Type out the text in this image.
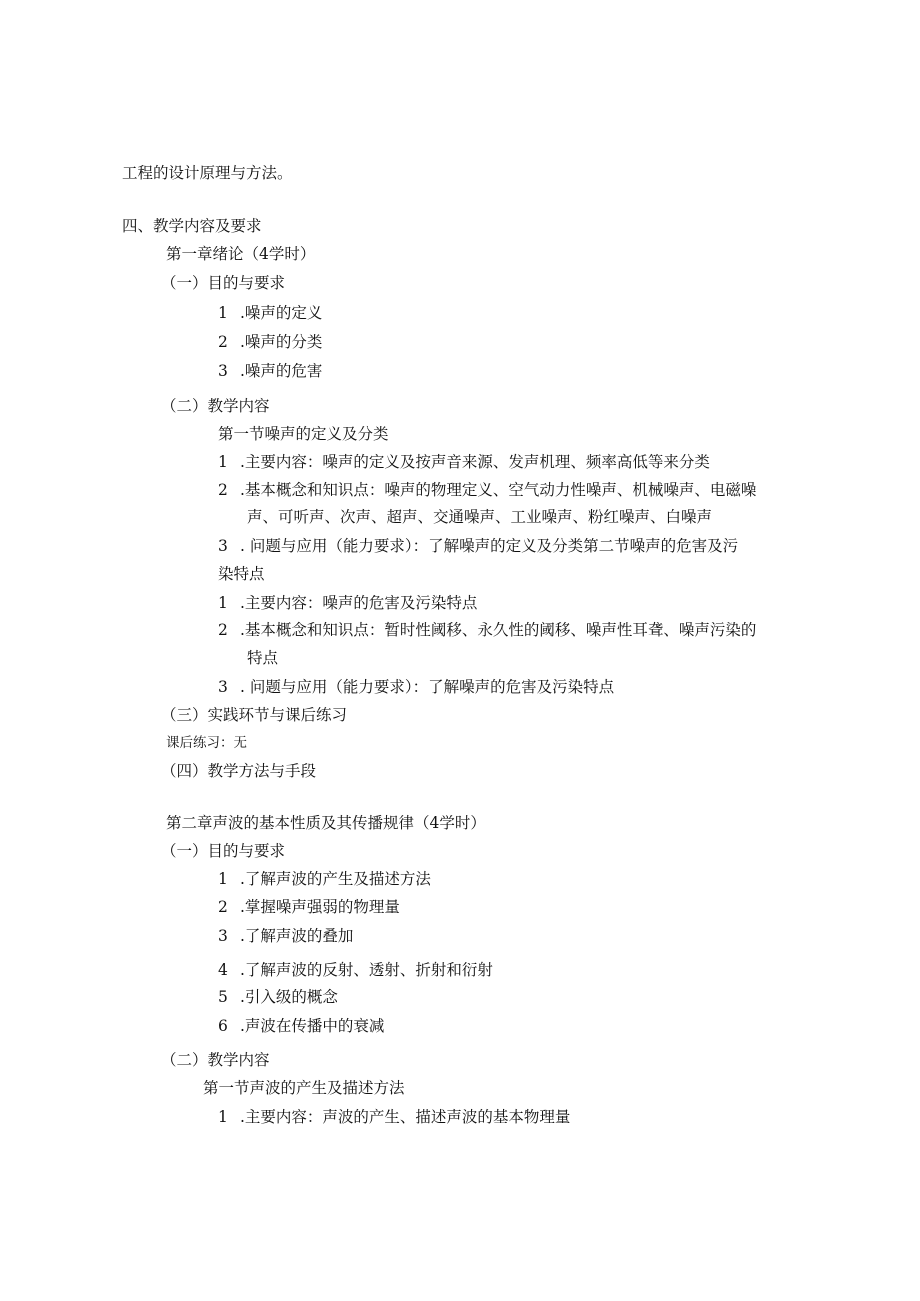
工程的设计原理与方法。
四、教学内容及要求
第一章绪论（4学时）
（一）目的与要求
1 .噪声的定义
2 .噪声的分类
3 .噪声的危害
（二）教学内容
第一节噪声的定义及分类
1 .主要内容：噪声的定义及按声音来源、发声机理、频率高低等来分类
2 .基本概念和知识点：噪声的物理定义、空气动力性噪声、机械噪声、电磁噪
声、可听声、次声、超声、交通噪声、工业噪声、粉红噪声、白噪声
3 . 问题与应用（能力要求）：了解噪声的定义及分类第二节噪声的危害及污
染特点
1 .主要内容：噪声的危害及污染特点
2 .基本概念和知识点：暂时性阈移、永久性的阈移、噪声性耳聋、噪声污染的
特点
3 . 问题与应用（能力要求）：了解噪声的危害及污染特点
（三）实践环节与课后练习
课后练习：无
（四）教学方法与手段
第二章声波的基本性质及其传播规律（4学时）
（一）目的与要求
1 .了解声波的产生及描述方法
2 .掌握噪声强弱的物理量
3 .了解声波的叠加
4 .了解声波的反射、透射、折射和衍射
5 .引入级的概念
6 .声波在传播中的衰减
（二）教学内容
第一节声波的产生及描述方法
1 .主要内容：声波的产生、描述声波的基本物理量
